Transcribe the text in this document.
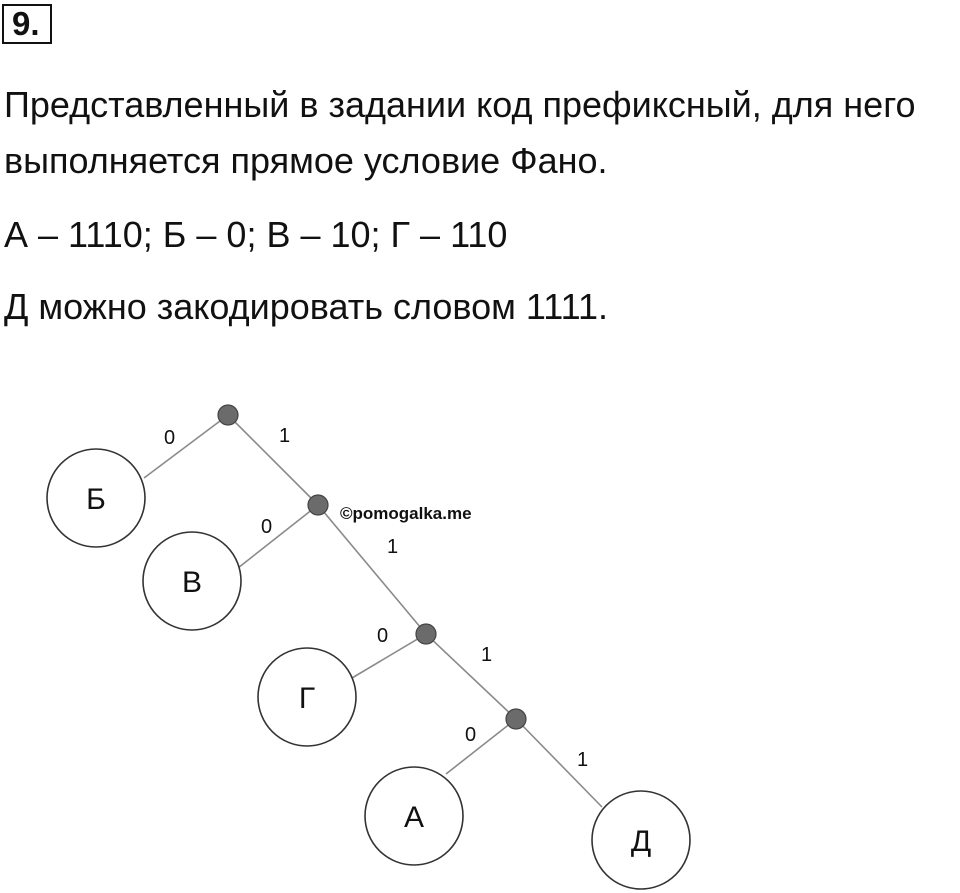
9.
Представленный в задании код префиксный, для него
выполняется прямое условие Фано.
А – 1110; Б – 0; В – 10; Г – 110
Д можно закодировать словом 1111.
Б
В
Г
А
Д
0	1
0
1
0
1
0
1
©pomogalka.me
